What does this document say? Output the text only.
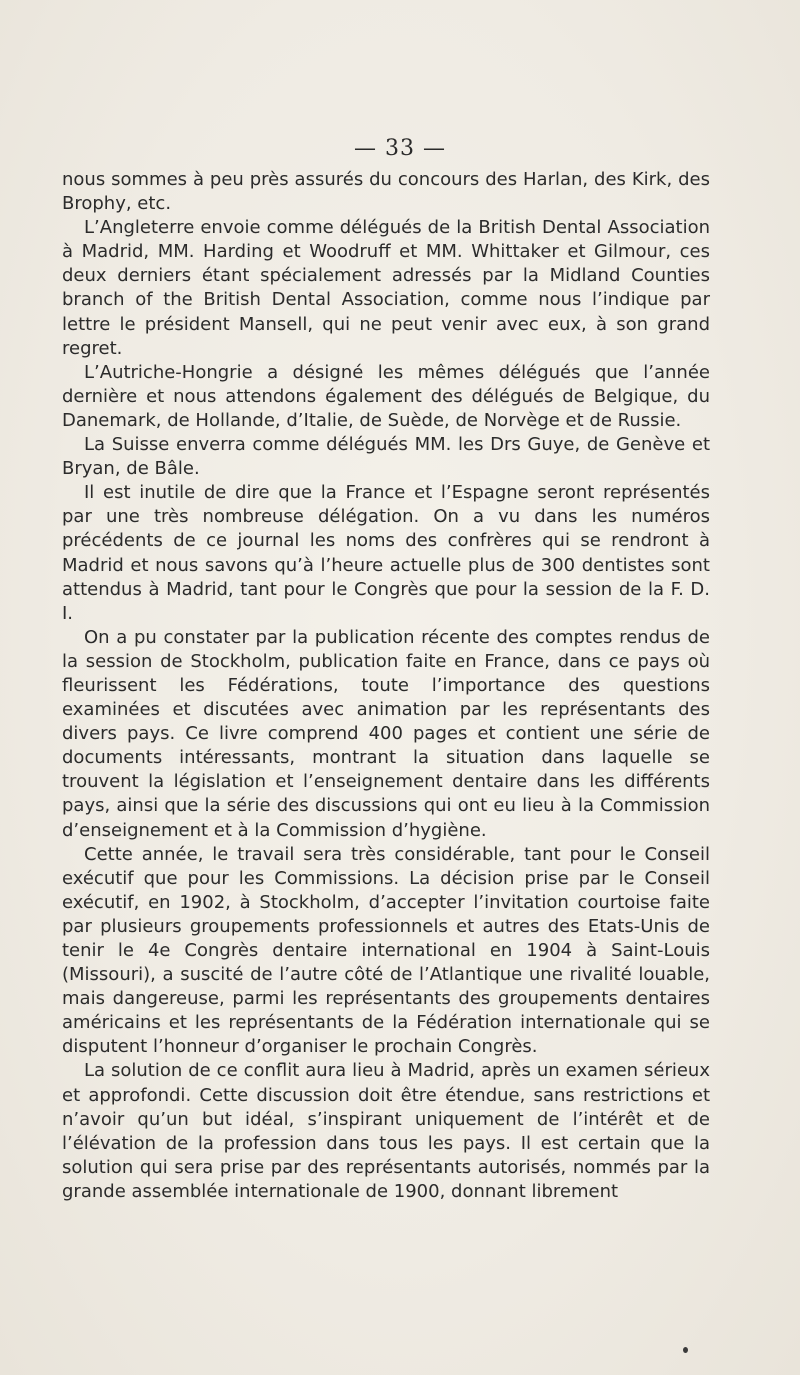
— 33 —

nous sommes à peu près assurés du concours des Harlan, des Kirk, des Brophy, etc.

L’Angleterre envoie comme délégués de la British Dental Association à Madrid, MM. Harding et Woodruff et MM. Whittaker et Gilmour, ces deux derniers étant spécialement adressés par la Midland Counties branch of the British Dental Association, comme nous l’indique par lettre le président Mansell, qui ne peut venir avec eux, à son grand regret.

L’Autriche-Hongrie a désigné les mêmes délégués que l’année dernière et nous attendons également des délégués de Belgique, du Danemark, de Hollande, d’Italie, de Suède, de Norvège et de Russie.

La Suisse enverra comme délégués MM. les Drs Guye, de Genève et Bryan, de Bâle.

Il est inutile de dire que la France et l’Espagne seront représentés par une très nombreuse délégation. On a vu dans les numéros précédents de ce journal les noms des confrères qui se rendront à Madrid et nous savons qu’à l’heure actuelle plus de 300 dentistes sont attendus à Madrid, tant pour le Congrès que pour la session de la F. D. I.

On a pu constater par la publication récente des comptes rendus de la session de Stockholm, publication faite en France, dans ce pays où fleurissent les Fédérations, toute l’importance des questions examinées et discutées avec animation par les représentants des divers pays. Ce livre comprend 400 pages et contient une série de documents intéressants, montrant la situation dans laquelle se trouvent la législation et l’enseignement dentaire dans les différents pays, ainsi que la série des discussions qui ont eu lieu à la Commission d’enseignement et à la Commission d’hygiène.

Cette année, le travail sera très considérable, tant pour le Conseil exécutif que pour les Commissions. La décision prise par le Conseil exécutif, en 1902, à Stockholm, d’accepter l’invitation courtoise faite par plusieurs groupements professionnels et autres des Etats-Unis de tenir le 4e Congrès dentaire international en 1904 à Saint-Louis (Missouri), a suscité de l’autre côté de l’Atlantique une rivalité louable, mais dangereuse, parmi les représentants des groupements dentaires américains et les représentants de la Fédération internationale qui se disputent l’honneur d’organiser le prochain Congrès.

La solution de ce conflit aura lieu à Madrid, après un examen sérieux et approfondi. Cette discussion doit être étendue, sans restrictions et n’avoir qu’un but idéal, s’inspirant uniquement de l’intérêt et de l’élévation de la profession dans tous les pays. Il est certain que la solution qui sera prise par des représentants autorisés, nommés par la grande assemblée internationale de 1900, donnant librement
